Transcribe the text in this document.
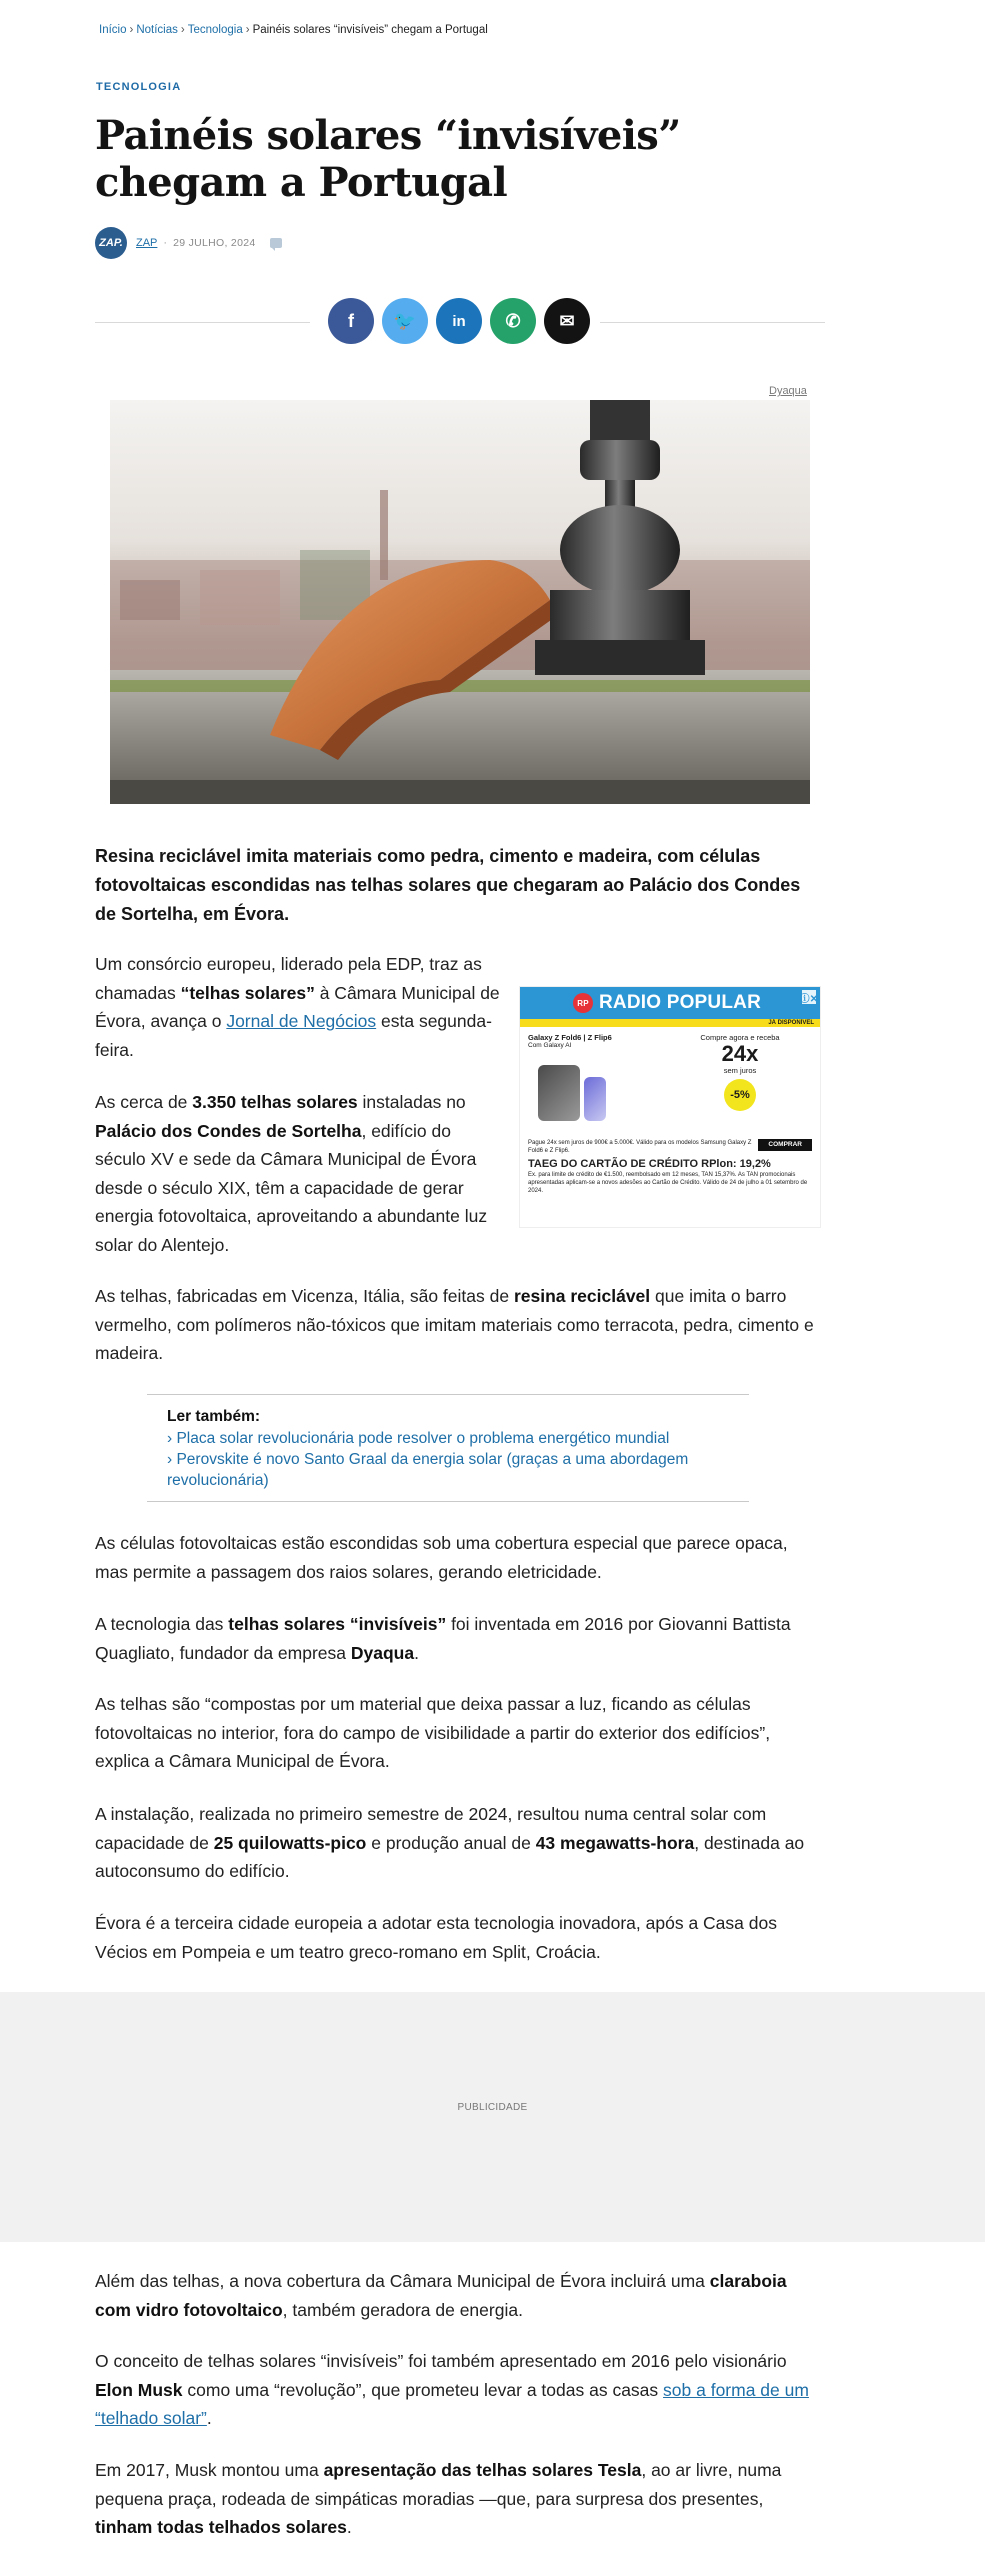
Início › Notícias › Tecnologia › Painéis solares “invisíveis” chegam a Portugal
TECNOLOGIA
Painéis solares “invisíveis” chegam a Portugal
ZAP.	ZAP · 29 JULHO, 2024
f	🐦	in	✆	✉
Dyaqua

Resina reciclável imita materiais como pedra, cimento e madeira, com células fotovoltaicas escondidas nas telhas solares que chegaram ao Palácio dos Condes de Sortelha, em Évora.

Um consórcio europeu, liderado pela EDP, traz as chamadas “telhas solares” à Câmara Municipal de Évora, avança o Jornal de Negócios esta segunda-feira.

As cerca de 3.350 telhas solares instaladas no Palácio dos Condes de Sortelha, edifício do século XV e sede da Câmara Municipal de Évora desde o século XIX, têm a capacidade de gerar energia fotovoltaica, aproveitando a abundante luz solar do Alentejo.

RP RADIO POPULAR	ⓘ✕
JÁ DISPONÍVEL
Galaxy Z Fold6 | Z Flip6
Com Galaxy AI
Compre agora e receba
24x
sem juros
-5%
COMPRAR
Pague 24x sem juros de 900€ a 5.000€. Válido para os modelos Samsung Galaxy Z Fold6 e Z Flip6.
TAEG DO CARTÃO DE CRÉDITO RPlon: 19,2%
Ex. para limite de crédito de €1.500, reembolsado em 12 meses, TAN 15,37%. As TAN promocionais apresentadas aplicam-se a novos adesões ao Cartão de Crédito. Válido de 24 de julho a 01 setembro de 2024.

As telhas, fabricadas em Vicenza, Itália, são feitas de resina reciclável que imita o barro vermelho, com polímeros não-tóxicos que imitam materiais como terracota, pedra, cimento e madeira.

Ler também:
› Placa solar revolucionária pode resolver o problema energético mundial
› Perovskite é novo Santo Graal da energia solar (graças a uma abordagem revolucionária)

As células fotovoltaicas estão escondidas sob uma cobertura especial que parece opaca, mas permite a passagem dos raios solares, gerando eletricidade.

A tecnologia das telhas solares “invisíveis” foi inventada em 2016 por Giovanni Battista Quagliato, fundador da empresa Dyaqua.

As telhas são “compostas por um material que deixa passar a luz, ficando as células fotovoltaicas no interior, fora do campo de visibilidade a partir do exterior dos edifícios”, explica a Câmara Municipal de Évora.

A instalação, realizada no primeiro semestre de 2024, resultou numa central solar com capacidade de 25 quilowatts-pico e produção anual de 43 megawatts-hora, destinada ao autoconsumo do edifício.

Évora é a terceira cidade europeia a adotar esta tecnologia inovadora, após a Casa dos Vécios em Pompeia e um teatro greco-romano em Split, Croácia.

PUBLICIDADE

Além das telhas, a nova cobertura da Câmara Municipal de Évora incluirá uma claraboia com vidro fotovoltaico, também geradora de energia.

O conceito de telhas solares “invisíveis” foi também apresentado em 2016 pelo visionário Elon Musk como uma “revolução”, que prometeu levar a todas as casas sob a forma de um “telhado solar”.

Em 2017, Musk montou uma apresentação das telhas solares Tesla, ao ar livre, numa pequena praça, rodeada de simpáticas moradias —que, para surpresa dos presentes, tinham todas telhados solares.
